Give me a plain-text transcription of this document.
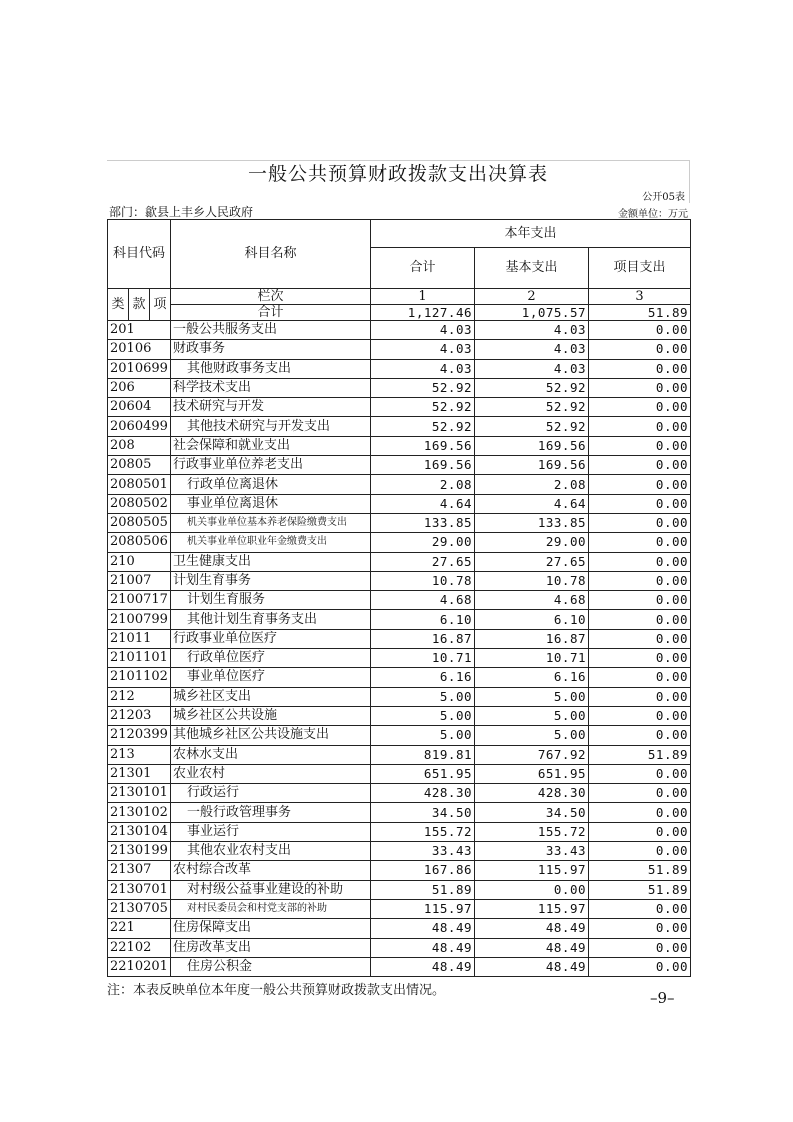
一般公共预算财政拨款支出决算表
公开05表
部门：歙县上丰乡人民政府	金额单位：万元
科目代码			科目名称	本年支出		
				合计	基本支出	项目支出
类	款	项	栏次	1	2	3
			合计	1,127.46	1,075.57	51.89
201			一般公共服务支出	4.03	4.03	0.00
20106			财政事务	4.03	4.03	0.00
2010699			其他财政事务支出	4.03	4.03	0.00
206			科学技术支出	52.92	52.92	0.00
20604			技术研究与开发	52.92	52.92	0.00
2060499			其他技术研究与开发支出	52.92	52.92	0.00
208			社会保障和就业支出	169.56	169.56	0.00
20805			行政事业单位养老支出	169.56	169.56	0.00
2080501			行政单位离退休	2.08	2.08	0.00
2080502			事业单位离退休	4.64	4.64	0.00
2080505			机关事业单位基本养老保险缴费支出	133.85	133.85	0.00
2080506			机关事业单位职业年金缴费支出	29.00	29.00	0.00
210			卫生健康支出	27.65	27.65	0.00
21007			计划生育事务	10.78	10.78	0.00
2100717			计划生育服务	4.68	4.68	0.00
2100799			其他计划生育事务支出	6.10	6.10	0.00
21011			行政事业单位医疗	16.87	16.87	0.00
2101101			行政单位医疗	10.71	10.71	0.00
2101102			事业单位医疗	6.16	6.16	0.00
212			城乡社区支出	5.00	5.00	0.00
21203			城乡社区公共设施	5.00	5.00	0.00
2120399			其他城乡社区公共设施支出	5.00	5.00	0.00
213			农林水支出	819.81	767.92	51.89
21301			农业农村	651.95	651.95	0.00
2130101			行政运行	428.30	428.30	0.00
2130102			一般行政管理事务	34.50	34.50	0.00
2130104			事业运行	155.72	155.72	0.00
2130199			其他农业农村支出	33.43	33.43	0.00
21307			农村综合改革	167.86	115.97	51.89
2130701			对村级公益事业建设的补助	51.89	0.00	51.89
2130705			对村民委员会和村党支部的补助	115.97	115.97	0.00
221			住房保障支出	48.49	48.49	0.00
22102			住房改革支出	48.49	48.49	0.00
2210201			住房公积金	48.49	48.49	0.00
注：本表反映单位本年度一般公共预算财政拨款支出情况。	–9–
